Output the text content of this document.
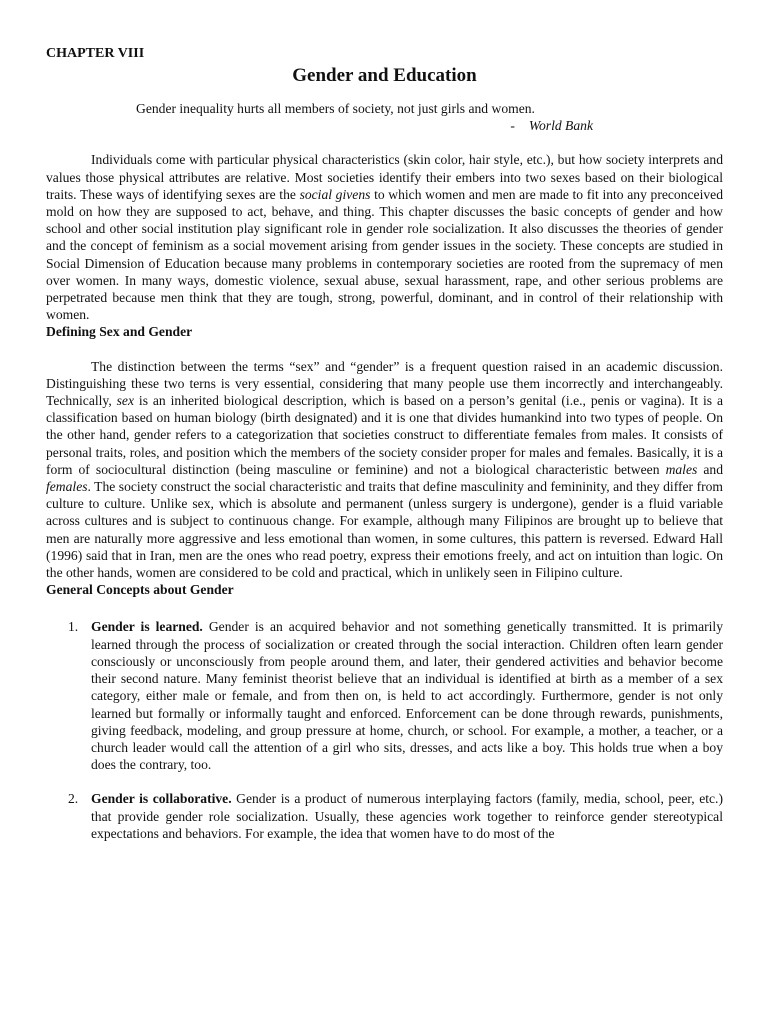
CHAPTER VIII
Gender and Education
Gender inequality hurts all members of society, not just girls and women.
- World Bank

Individuals come with particular physical characteristics (skin color, hair style, etc.), but how society interprets and values those physical attributes are relative. Most societies identify their embers into two sexes based on their biological traits. These ways of identifying sexes are the social givens to which women and men are made to fit into any preconceived mold on how they are supposed to act, behave, and thing. This chapter discusses the basic concepts of gender and how school and other social institution play significant role in gender role socialization. It also discusses the theories of gender and the concept of feminism as a social movement arising from gender issues in the society. These concepts are studied in Social Dimension of Education because many problems in contemporary societies are rooted from the supremacy of men over women. In many ways, domestic violence, sexual abuse, sexual harassment, rape, and other serious problems are perpetrated because men think that they are tough, strong, powerful, dominant, and in control of their relationship with women.

Defining Sex and Gender

The distinction between the terms “sex” and “gender” is a frequent question raised in an academic discussion. Distinguishing these two terns is very essential, considering that many people use them incorrectly and interchangeably. Technically, sex is an inherited biological description, which is based on a person’s genital (i.e., penis or vagina). It is a classification based on human biology (birth designated) and it is one that divides humankind into two types of people. On the other hand, gender refers to a categorization that societies construct to differentiate females from males. It consists of personal traits, roles, and position which the members of the society consider proper for males and females. Basically, it is a form of sociocultural distinction (being masculine or feminine) and not a biological characteristic between males and females. The society construct the social characteristic and traits that define masculinity and femininity, and they differ from culture to culture. Unlike sex, which is absolute and permanent (unless surgery is undergone), gender is a fluid variable across cultures and is subject to continuous change. For example, although many Filipinos are brought up to believe that men are naturally more aggressive and less emotional than women, in some cultures, this pattern is reversed. Edward Hall (1996) said that in Iran, men are the ones who read poetry, express their emotions freely, and act on intuition than logic. On the other hands, women are considered to be cold and practical, which in unlikely seen in Filipino culture.

General Concepts about Gender
1. Gender is learned. Gender is an acquired behavior and not something genetically transmitted. It is primarily learned through the process of socialization or created through the social interaction. Children often learn gender consciously or unconsciously from people around them, and later, their gendered activities and behavior become their second nature. Many feminist theorist believe that an individual is identified at birth as a member of a sex category, either male or female, and from then on, is held to act accordingly. Furthermore, gender is not only learned but formally or informally taught and enforced. Enforcement can be done through rewards, punishments, giving feedback, modeling, and group pressure at home, church, or school. For example, a mother, a teacher, or a church leader would call the attention of a girl who sits, dresses, and acts like a boy. This holds true when a boy does the contrary, too.
2. Gender is collaborative. Gender is a product of numerous interplaying factors (family, media, school, peer, etc.) that provide gender role socialization. Usually, these agencies work together to reinforce gender stereotypical expectations and behaviors. For example, the idea that women have to do most of the
